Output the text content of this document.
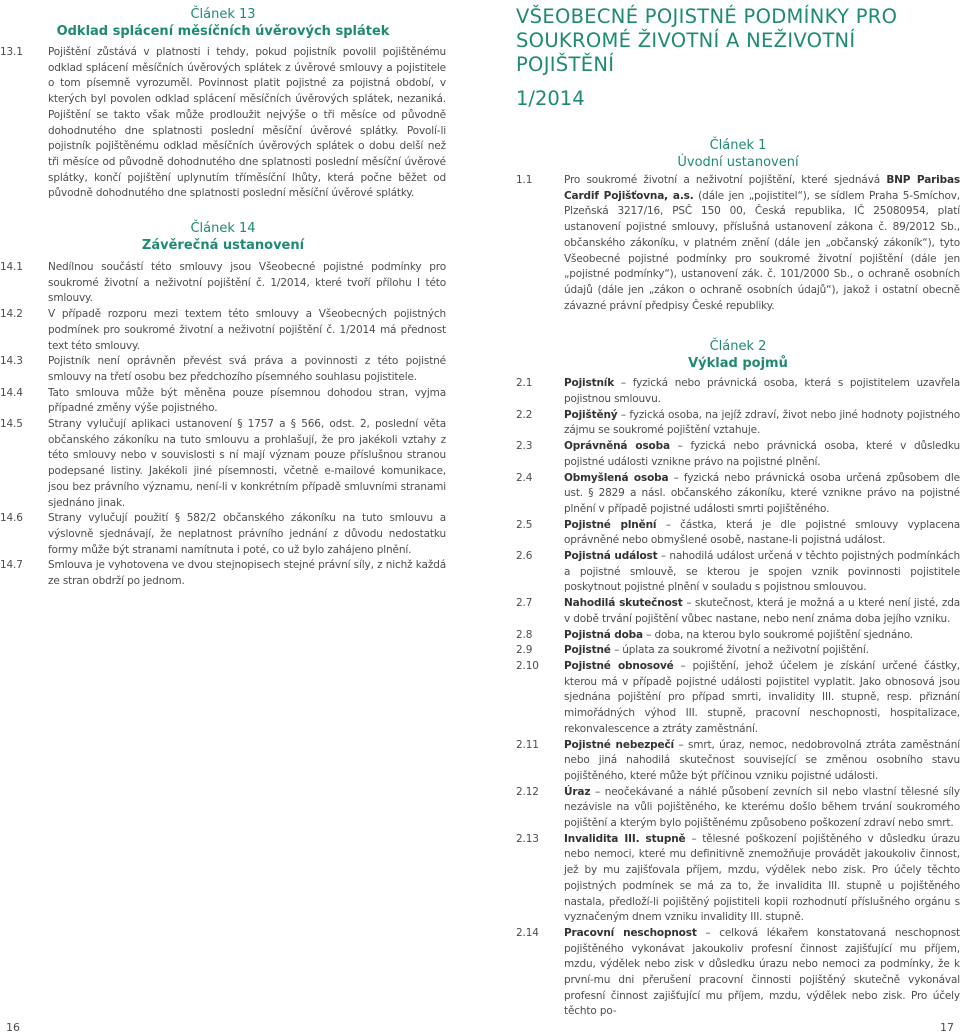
Článek 13
Odklad splácení měsíčních úvěrových splátek
13.1	Pojištění zůstává v platnosti i tehdy, pokud pojistník povolil pojištěnému odklad splácení měsíčních úvěrových splátek z úvěrové smlouvy a pojistitele o tom písemně vyrozuměl. Povinnost platit pojistné za pojistná období, v kterých byl povolen odklad splácení měsíčních úvěrových splátek, nezaniká. Pojištění se takto však může prodloužit nejvýše o tři měsíce od původně dohodnutého dne splatnosti poslední měsíční úvěrové splátky. Povolí-li pojistník pojištěnému odklad měsíčních úvěrových splátek o dobu delší než tři měsíce od původně dohodnutého dne splatnosti poslední měsíční úvěrové splátky, končí pojištění uplynutím tříměsíční lhůty, která počne běžet od původně dohodnutého dne splatnosti poslední měsíční úvěrové splátky.
Článek 14
Závěrečná ustanovení
14.1	Nedílnou součástí této smlouvy jsou Všeobecné pojistné podmínky pro soukromé životní a neživotní pojištění č. 1/2014, které tvoří přílohu I této smlouvy.
14.2	V případě rozporu mezi textem této smlouvy a Všeobecných pojistných podmínek pro soukromé životní a neživotní pojištění č. 1/2014 má přednost text této smlouvy.
14.3	Pojistník není oprávněn převést svá práva a povinnosti z této pojistné smlouvy na třetí osobu bez předchozího písemného souhlasu pojistitele.
14.4	Tato smlouva může být měněna pouze písemnou dohodou stran, vyjma případné změny výše pojistného.
14.5	Strany vylučují aplikaci ustanovení § 1757 a § 566, odst. 2, poslední věta občanského zákoníku na tuto smlouvu a prohlašují, že pro jakékoli vztahy z této smlouvy nebo v souvislosti s ní mají význam pouze příslušnou stranou podepsané listiny. Jakékoli jiné písemnosti, včetně e-mailové komunikace, jsou bez právního významu, není-li v konkrétním případě smluvními stranami sjednáno jinak.
14.6	Strany vylučují použití § 582/2 občanského zákoníku na tuto smlouvu a výslovně sjednávají, že neplatnost právního jednání z důvodu nedostatku formy může být stranami namítnuta i poté, co už bylo zahájeno plnění.
14.7	Smlouva je vyhotovena ve dvou stejnopisech stejné právní síly, z nichž každá ze stran obdrží po jednom.
VŠEOBECNÉ POJISTNÉ PODMÍNKY PRO
SOUKROMÉ ŽIVOTNÍ A NEŽIVOTNÍ POJIŠTĚNÍ
1/2014
Článek 1
Úvodní ustanovení
1.1	Pro soukromé životní a neživotní pojištění, které sjednává BNP Paribas Cardif Pojišťovna, a.s. (dále jen „pojistitel“), se sídlem Praha 5-Smíchov, Plzeňská 3217/16, PSČ 150 00, Česká republika, IČ 25080954, platí ustanovení pojistné smlouvy, příslušná ustanovení zákona č. 89/2012 Sb., občanského zákoníku, v platném znění (dále jen „občanský zákoník“), tyto Všeobecné pojistné podmínky pro soukromé životní pojištění (dále jen „pojistné podmínky“), ustanovení zák. č. 101/2000 Sb., o ochraně osobních údajů (dále jen „zákon o ochraně osobních údajů“), jakož i ostatní obecně závazné právní předpisy České republiky.
Článek 2
Výklad pojmů
2.1	Pojistník – fyzická nebo právnická osoba, která s pojistitelem uzavřela pojistnou smlouvu.
2.2	Pojištěný – fyzická osoba, na jejíž zdraví, život nebo jiné hodnoty pojistného zájmu se soukromé pojištění vztahuje.
2.3	Oprávněná osoba – fyzická nebo právnická osoba, které v důsledku pojistné události vznikne právo na pojistné plnění.
2.4	Obmyšlená osoba – fyzická nebo právnická osoba určená způsobem dle ust. § 2829 a násl. občanského zákoníku, které vznikne právo na pojistné plnění v případě pojistné události smrti pojištěného.
2.5	Pojistné plnění – částka, která je dle pojistné smlouvy vyplacena oprávněné nebo obmyšlené osobě, nastane-li pojistná událost.
2.6	Pojistná událost – nahodilá událost určená v těchto pojistných podmínkách a pojistné smlouvě, se kterou je spojen vznik povinnosti pojistitele poskytnout pojistné plnění v souladu s pojistnou smlouvou.
2.7	Nahodilá skutečnost – skutečnost, která je možná a u které není jisté, zda v době trvání pojištění vůbec nastane, nebo není známa doba jejího vzniku.
2.8	Pojistná doba – doba, na kterou bylo soukromé pojištění sjednáno.
2.9	Pojistné – úplata za soukromé životní a neživotní pojištění.
2.10	Pojistné obnosové – pojištění, jehož účelem je získání určené částky, kterou má v případě pojistné události pojistitel vyplatit. Jako obnosová jsou sjednána pojištění pro případ smrti, invalidity III. stupně, resp. přiznání mimořádných výhod III. stupně, pracovní neschopnosti, hospitalizace, rekonvalescence a ztráty zaměstnání.
2.11	Pojistné nebezpečí – smrt, úraz, nemoc, nedobrovolná ztráta zaměstnání nebo jiná nahodilá skutečnost související se změnou osobního stavu pojištěného, které může být příčinou vzniku pojistné události.
2.12	Úraz – neočekávané a náhlé působení zevních sil nebo vlastní tělesné síly nezávisle na vůli pojištěného, ke kterému došlo během trvání soukromého pojištění a kterým bylo pojištěnému způsobeno poškození zdraví nebo smrt.
2.13	Invalidita III. stupně – tělesné poškození pojištěného v důsledku úrazu nebo nemoci, které mu definitivně znemožňuje provádět jakoukoliv činnost, jež by mu zajišťovala příjem, mzdu, výdělek nebo zisk. Pro účely těchto pojistných podmínek se má za to, že invalidita III. stupně u pojištěného nastala, předloží-li pojištěný pojistiteli kopii rozhodnutí příslušného orgánu s vyznačeným dnem vzniku invalidity III. stupně.
2.14	Pracovní neschopnost – celková lékařem konstatovaná neschopnost pojištěného vykonávat jakoukoliv profesní činnost zajišťující mu příjem, mzdu, výdělek nebo zisk v důsledku úrazu nebo nemoci za podmínky, že k první-mu dni přerušení pracovní činnosti pojištěný skutečně vykonával profesní činnost zajišťující mu příjem, mzdu, výdělek nebo zisk. Pro účely těchto po-
16	17
